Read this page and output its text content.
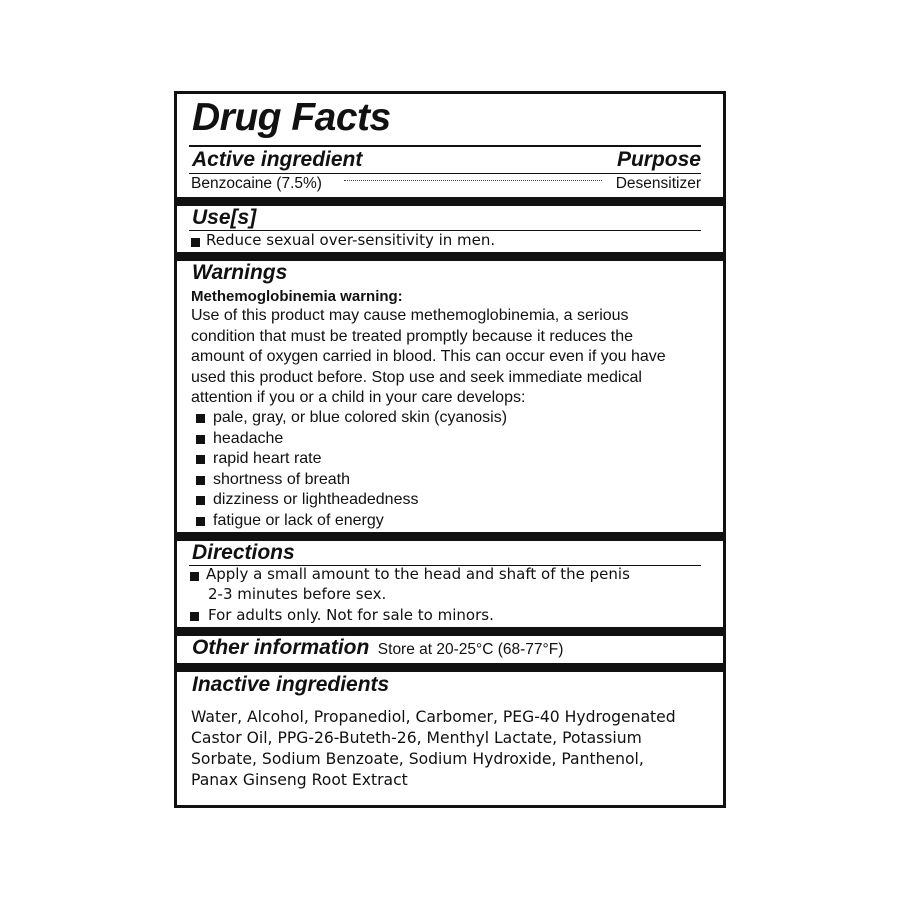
Drug Facts
Active ingredient	Purpose
Benzocaine (7.5%)	Desensitizer
Use[s]
Reduce sexual over-sensitivity in men.
Warnings
Methemoglobinemia warning:
Use of this product may cause methemoglobinemia, a serious
condition that must be treated promptly because it reduces the
amount of oxygen carried in blood. This can occur even if you have
used this product before. Stop use and seek immediate medical
attention if you or a child in your care develops:
pale, gray, or blue colored skin (cyanosis)
headache
rapid heart rate
shortness of breath
dizziness or lightheadedness
fatigue or lack of energy
Directions
Apply a small amount to the head and shaft of the penis
2-3 minutes before sex.
For adults only. Not for sale to minors.
Other information Store at 20-25°C (68-77°F)
Inactive ingredients
Water, Alcohol, Propanediol, Carbomer, PEG-40 Hydrogenated
Castor Oil, PPG-26-Buteth-26, Menthyl Lactate, Potassium
Sorbate, Sodium Benzoate, Sodium Hydroxide, Panthenol,
Panax Ginseng Root Extract
